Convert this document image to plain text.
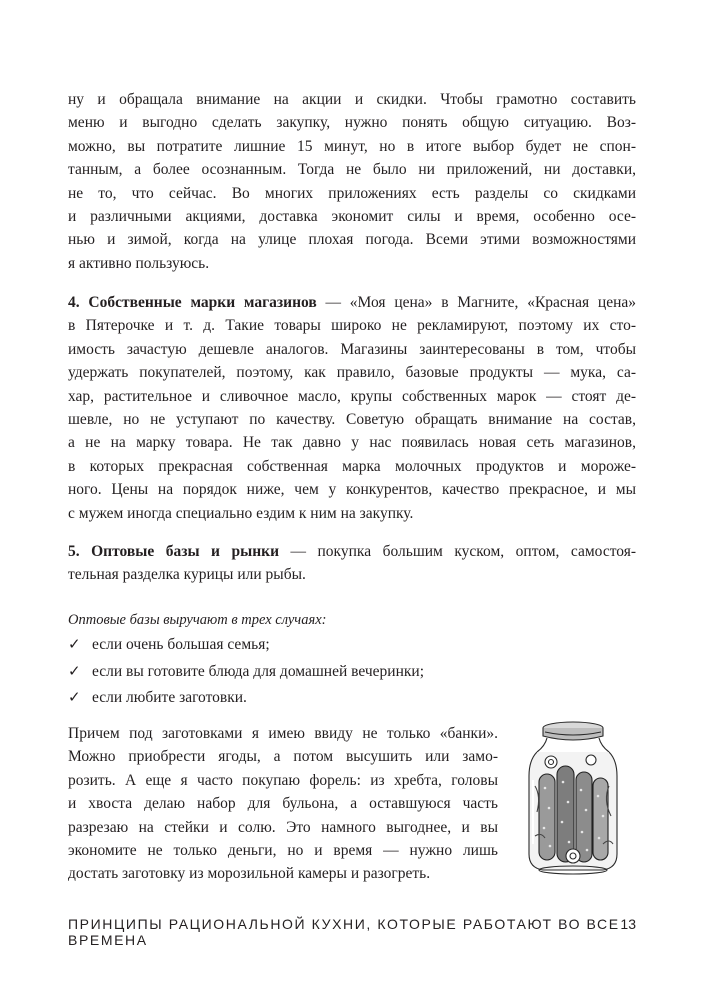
ну и обращала внимание на акции и скидки. Чтобы грамотно составить
меню и выгодно сделать закупку, нужно понять общую ситуацию. Воз-
можно, вы потратите лишние 15 минут, но в итоге выбор будет не спон-
танным, а более осознанным. Тогда не было ни приложений, ни доставки,
не то, что сейчас. Во многих приложениях есть разделы со скидками
и различными акциями, доставка экономит силы и время, особенно осе-
нью и зимой, когда на улице плохая погода. Всеми этими возможностями
я активно пользуюсь.
4. Собственные марки магазинов — «Моя цена» в Магните, «Красная цена»
в Пятерочке и т. д. Такие товары широко не рекламируют, поэтому их сто-
имость зачастую дешевле аналогов. Магазины заинтересованы в том, чтобы
удержать покупателей, поэтому, как правило, базовые продукты — мука, са-
хар, растительное и сливочное масло, крупы собственных марок — стоят де-
шевле, но не уступают по качеству. Советую обращать внимание на состав,
а не на марку товара. Не так давно у нас появилась новая сеть магазинов,
в которых прекрасная собственная марка молочных продуктов и мороже-
ного. Цены на порядок ниже, чем у конкурентов, качество прекрасное, и мы
с мужем иногда специально ездим к ним на закупку.
5. Оптовые базы и рынки — покупка большим куском, оптом, самостоя-
тельная разделка курицы или рыбы.
Оптовые базы выручают в трех случаях:
✓ если очень большая семья;
✓ если вы готовите блюда для домашней вечеринки;
✓ если любите заготовки.
Причем под заготовками я имею ввиду не только «банки».
Можно приобрести ягоды, а потом высушить или замо-
розить. А еще я часто покупаю форель: из хребта, головы
и хвоста делаю набор для бульона, а оставшуюся часть
разрезаю на стейки и солю. Это намного выгоднее, и вы
экономите не только деньги, но и время — нужно лишь
достать заготовку из морозильной камеры и разогреть.
ПРИНЦИПЫ РАЦИОНАЛЬНОЙ КУХНИ, КОТОРЫЕ РАБОТАЮТ ВО ВСЕ ВРЕМЕНА
13
